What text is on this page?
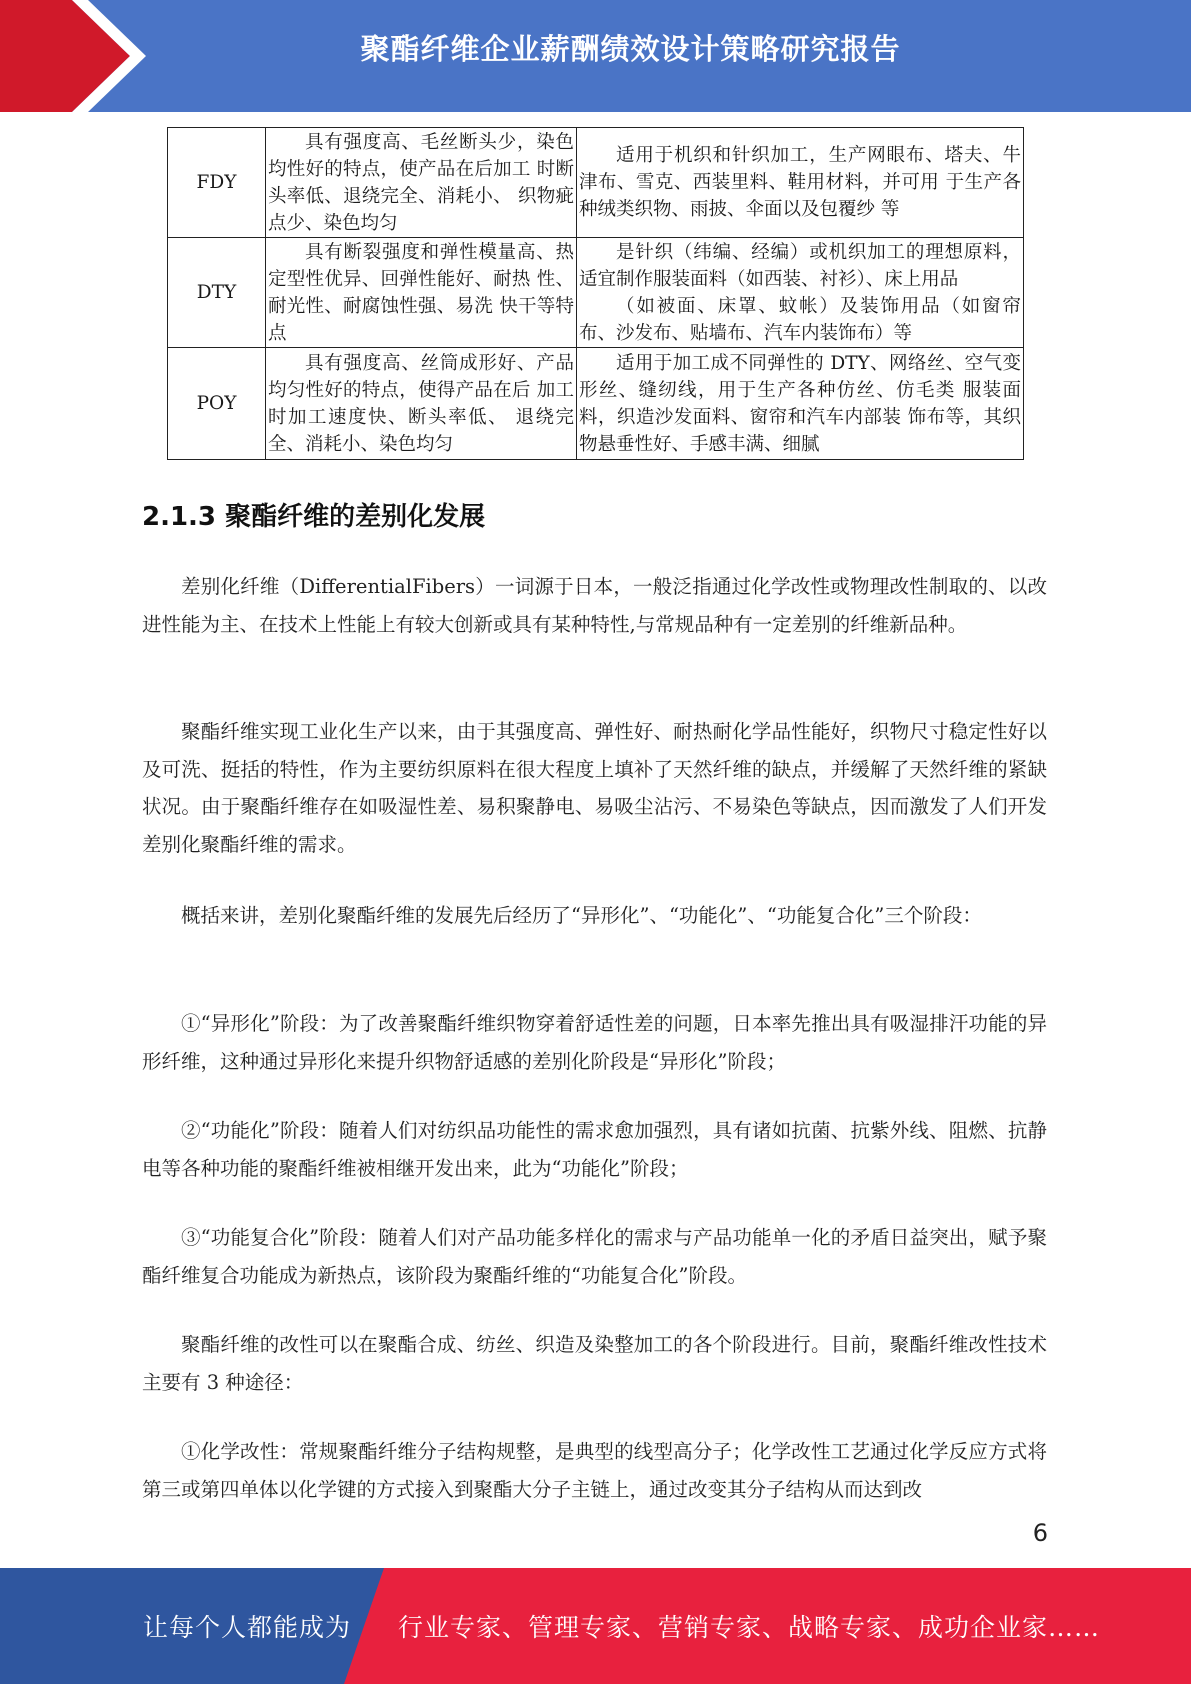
聚酯纤维企业薪酬绩效设计策略研究报告
FDY	具有强度高、毛丝断头少，染色均性好的特点，使产品在后加工 时断头率低、退绕完全、消耗小、 织物疵点少、染色均匀	适用于机织和针织加工，生产网眼布、塔夫、牛津布、雪克、西装里料、鞋用材料，并可用 于生产各种绒类织物、雨披、伞面以及包覆纱 等

DTY	具有断裂强度和弹性模量高、热定型性优异、回弹性能好、耐热 性、耐光性、耐腐蚀性强、易洗 快干等特点	是针织（纬编、经编）或机织加工的理想原料，适宜制作服装面料（如西装、衬衫）、床上用品
（如被面、床罩、蚊帐）及装饰用品（如窗帘布、沙发布、贴墙布、汽车内装饰布）等

POY	具有强度高、丝筒成形好、产品均匀性好的特点，使得产品在后 加工时加工速度快、断头率低、 退绕完全、消耗小、染色均匀	适用于加工成不同弹性的 DTY、网络丝、空气变形丝、缝纫线，用于生产各种仿丝、仿毛类 服装面料，织造沙发面料、窗帘和汽车内部装 饰布等，其织物悬垂性好、手感丰满、细腻
2.1.3 聚酯纤维的差别化发展
差别化纤维（DifferentialFibers）一词源于日本，一般泛指通过化学改性或物理改性制取的、以改进性能为主、在技术上性能上有较大创新或具有某种特性,与常规品种有一定差别的纤维新品种。
聚酯纤维实现工业化生产以来，由于其强度高、弹性好、耐热耐化学品性能好，织物尺寸稳定性好以及可洗、挺括的特性，作为主要纺织原料在很大程度上填补了天然纤维的缺点，并缓解了天然纤维的紧缺状况。由于聚酯纤维存在如吸湿性差、易积聚静电、易吸尘沾污、不易染色等缺点，因而激发了人们开发差别化聚酯纤维的需求。
概括来讲，差别化聚酯纤维的发展先后经历了“异形化”、“功能化”、“功能复合化”三个阶段：
①“异形化”阶段：为了改善聚酯纤维织物穿着舒适性差的问题，日本率先推出具有吸湿排汗功能的异形纤维，这种通过异形化来提升织物舒适感的差别化阶段是“异形化”阶段；
②“功能化”阶段：随着人们对纺织品功能性的需求愈加强烈，具有诸如抗菌、抗紫外线、阻燃、抗静电等各种功能的聚酯纤维被相继开发出来，此为“功能化”阶段；
③“功能复合化”阶段：随着人们对产品功能多样化的需求与产品功能单一化的矛盾日益突出，赋予聚酯纤维复合功能成为新热点，该阶段为聚酯纤维的“功能复合化”阶段。
聚酯纤维的改性可以在聚酯合成、纺丝、织造及染整加工的各个阶段进行。目前，聚酯纤维改性技术主要有 3 种途径：
①化学改性：常规聚酯纤维分子结构规整，是典型的线型高分子；化学改性工艺通过化学反应方式将第三或第四单体以化学键的方式接入到聚酯大分子主链上，通过改变其分子结构从而达到改
6
让每个人都能成为 行业专家、管理专家、营销专家、战略专家、成功企业家……
